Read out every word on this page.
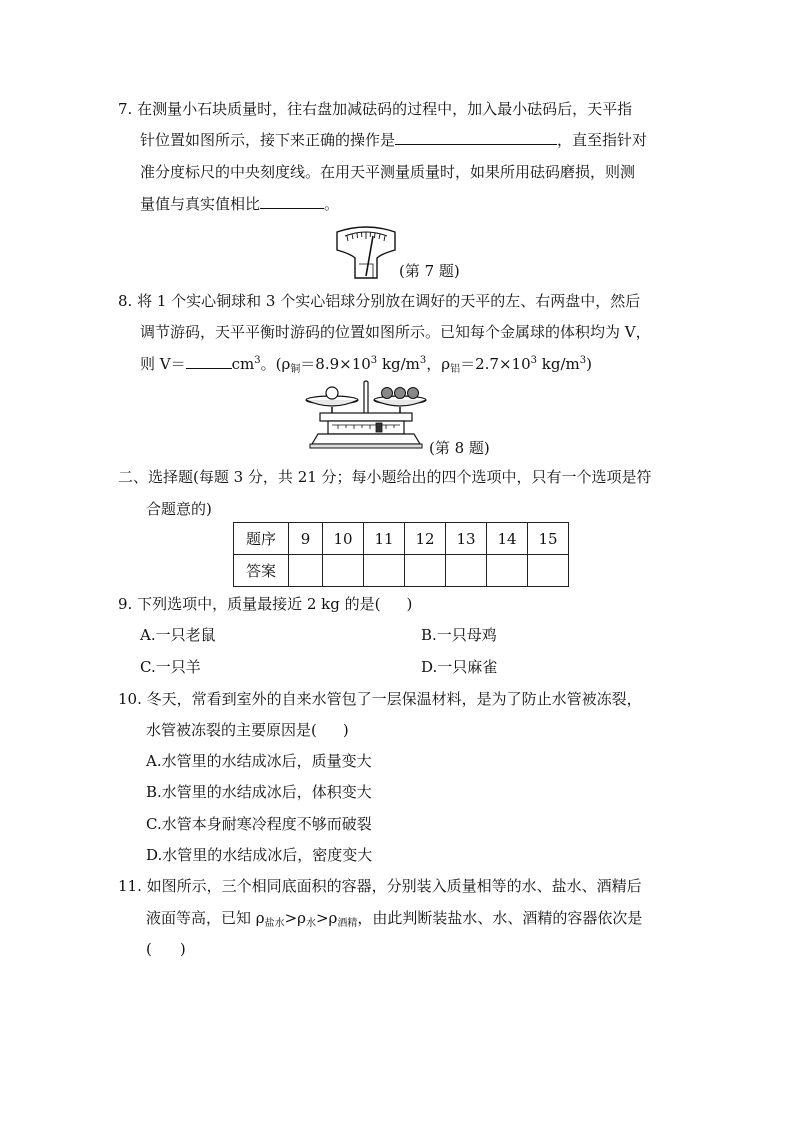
7. 在测量小石块质量时，往右盘加减砝码的过程中，加入最小砝码后，天平指
针位置如图所示，接下来正确的操作是	，直至指针对
准分度标尺的中央刻度线。在用天平测量质量时，如果所用砝码磨损，则测
量值与真实值相比	。
(第 7 题)
8. 将 1 个实心铜球和 3 个实心铝球分别放在调好的天平的左、右两盘中，然后
调节游码，天平平衡时游码的位置如图所示。已知每个金属球的体积均为 V，
则 V＝	$cm^3$。($\rho_铜=8.9\times 10^3$ $kg/m^3$，$\rho_铝=2.7\times 10^3$ $kg/m^3$)
(第 8 题)
二、选择题(每题 3 分，共 21 分；每小题给出的四个选项中，只有一个选项是符
合题意的)
题序	9	10	11	12	13	14	15
答案							
9. 下列选项中，质量最接近 2 kg 的是( )
A.一只老鼠	B.一只母鸡
C.一只羊	D.一只麻雀
10. 冬天，常看到室外的自来水管包了一层保温材料，是为了防止水管被冻裂，
水管被冻裂的主要原因是( )
A.水管里的水结成冰后，质量变大
B.水管里的水结成冰后，体积变大
C.水管本身耐寒冷程度不够而破裂
D.水管里的水结成冰后，密度变大
11. 如图所示，三个相同底面积的容器，分别装入质量相等的水、盐水、酒精后
液面等高，已知 $\rho_{盐水}>\rho_水>\rho_{酒精}$，由此判断装盐水、水、酒精的容器依次是
( )
